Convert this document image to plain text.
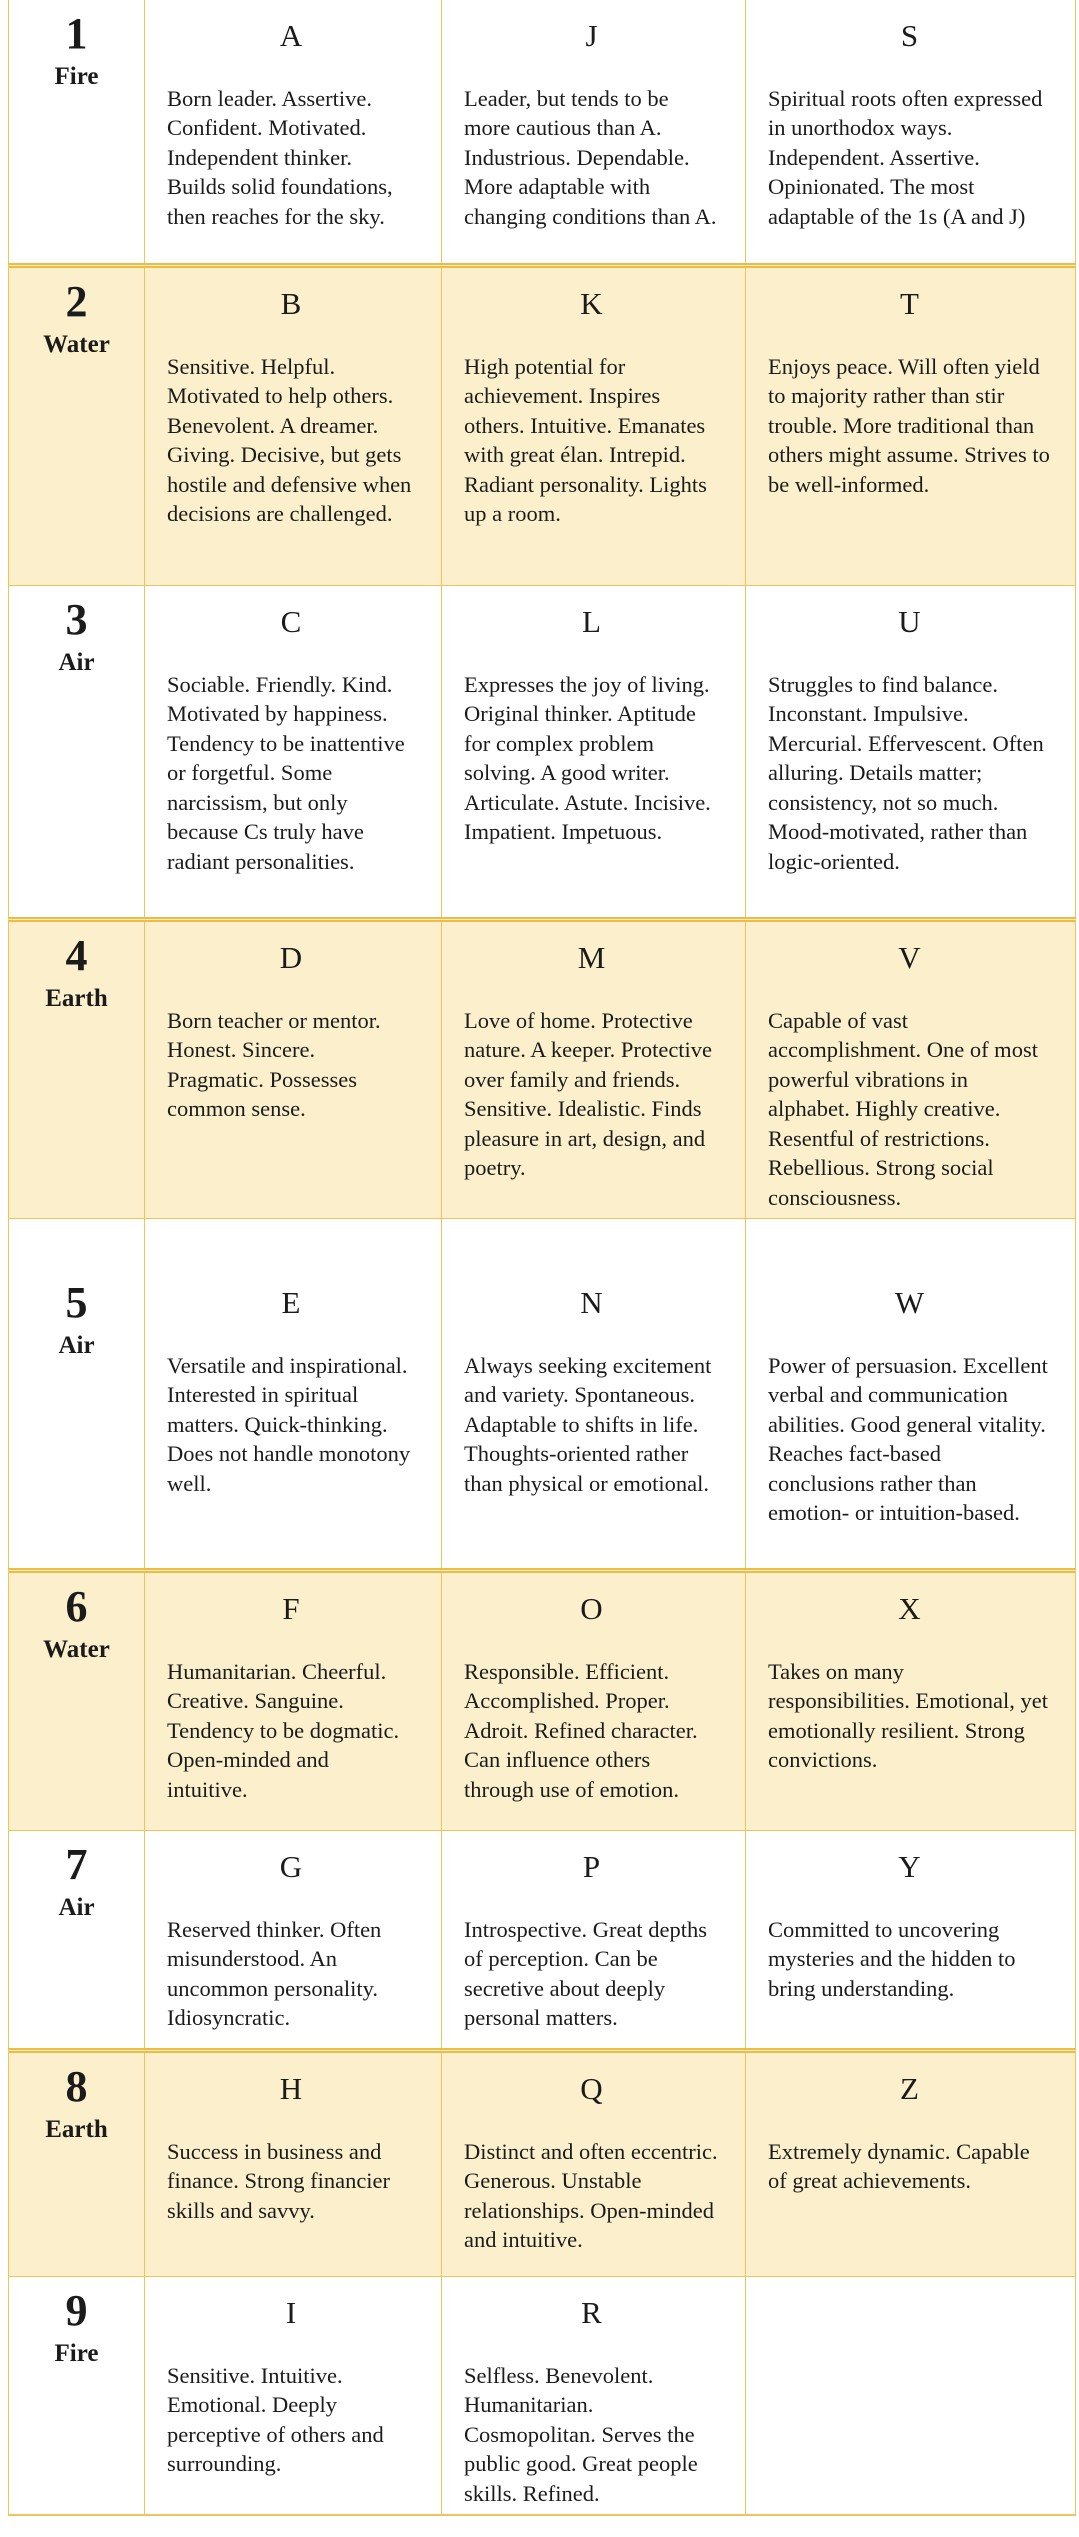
1
Fire
A
Born leader. Assertive. Confident. Motivated. Independent thinker. Builds solid foundations, then reaches for the sky.
J
Leader, but tends to be more cautious than A. Industrious. Dependable. More adaptable with changing conditions than A.
S
Spiritual roots often expressed in unorthodox ways. Independent. Assertive. Opinionated. The most adaptable of the 1s (A and J)
2
Water
B
Sensitive. Helpful. Motivated to help others. Benevolent. A dreamer. Giving. Decisive, but gets hostile and defensive when decisions are challenged.
K
High potential for achievement. Inspires others. Intuitive. Emanates with great élan. Intrepid. Radiant personality. Lights up a room.
T
Enjoys peace. Will often yield to majority rather than stir trouble. More traditional than others might assume. Strives to be well-informed.
3
Air
C
Sociable. Friendly. Kind. Motivated by happiness. Tendency to be inattentive or forgetful. Some narcissism, but only because Cs truly have radiant personalities.
L
Expresses the joy of living. Original thinker. Aptitude for complex problem solving. A good writer. Articulate. Astute. Incisive. Impatient. Impetuous.
U
Struggles to find balance. Inconstant. Impulsive. Mercurial. Effervescent. Often alluring. Details matter; consistency, not so much. Mood-motivated, rather than logic-oriented.
4
Earth
D
Born teacher or mentor. Honest. Sincere. Pragmatic. Possesses common sense.
M
Love of home. Protective nature. A keeper. Protective over family and friends. Sensitive. Idealistic. Finds pleasure in art, design, and poetry.
V
Capable of vast accomplishment. One of most powerful vibrations in alphabet. Highly creative. Resentful of restrictions. Rebellious. Strong social consciousness.
5
Air
E
Versatile and inspirational. Interested in spiritual matters. Quick-thinking. Does not handle monotony well.
N
Always seeking excitement and variety. Spontaneous. Adaptable to shifts in life. Thoughts-oriented rather than physical or emotional.
W
Power of persuasion. Excellent verbal and communication abilities. Good general vitality. Reaches fact-based conclusions rather than emotion- or intuition-based.
6
Water
F
Humanitarian. Cheerful. Creative. Sanguine. Tendency to be dogmatic. Open-minded and intuitive.
O
Responsible. Efficient. Accomplished. Proper. Adroit. Refined character. Can influence others through use of emotion.
X
Takes on many responsibilities. Emotional, yet emotionally resilient. Strong convictions.
7
Air
G
Reserved thinker. Often misunderstood. An uncommon personality. Idiosyncratic.
P
Introspective. Great depths of perception. Can be secretive about deeply personal matters.
Y
Committed to uncovering mysteries and the hidden to bring understanding.
8
Earth
H
Success in business and finance. Strong financier skills and savvy.
Q
Distinct and often eccentric. Generous. Unstable relationships. Open-minded and intuitive.
Z
Extremely dynamic. Capable of great achievements.
9
Fire
I
Sensitive. Intuitive. Emotional. Deeply perceptive of others and surrounding.
R
Selfless. Benevolent. Humanitarian. Cosmopolitan. Serves the public good. Great people skills. Refined.
